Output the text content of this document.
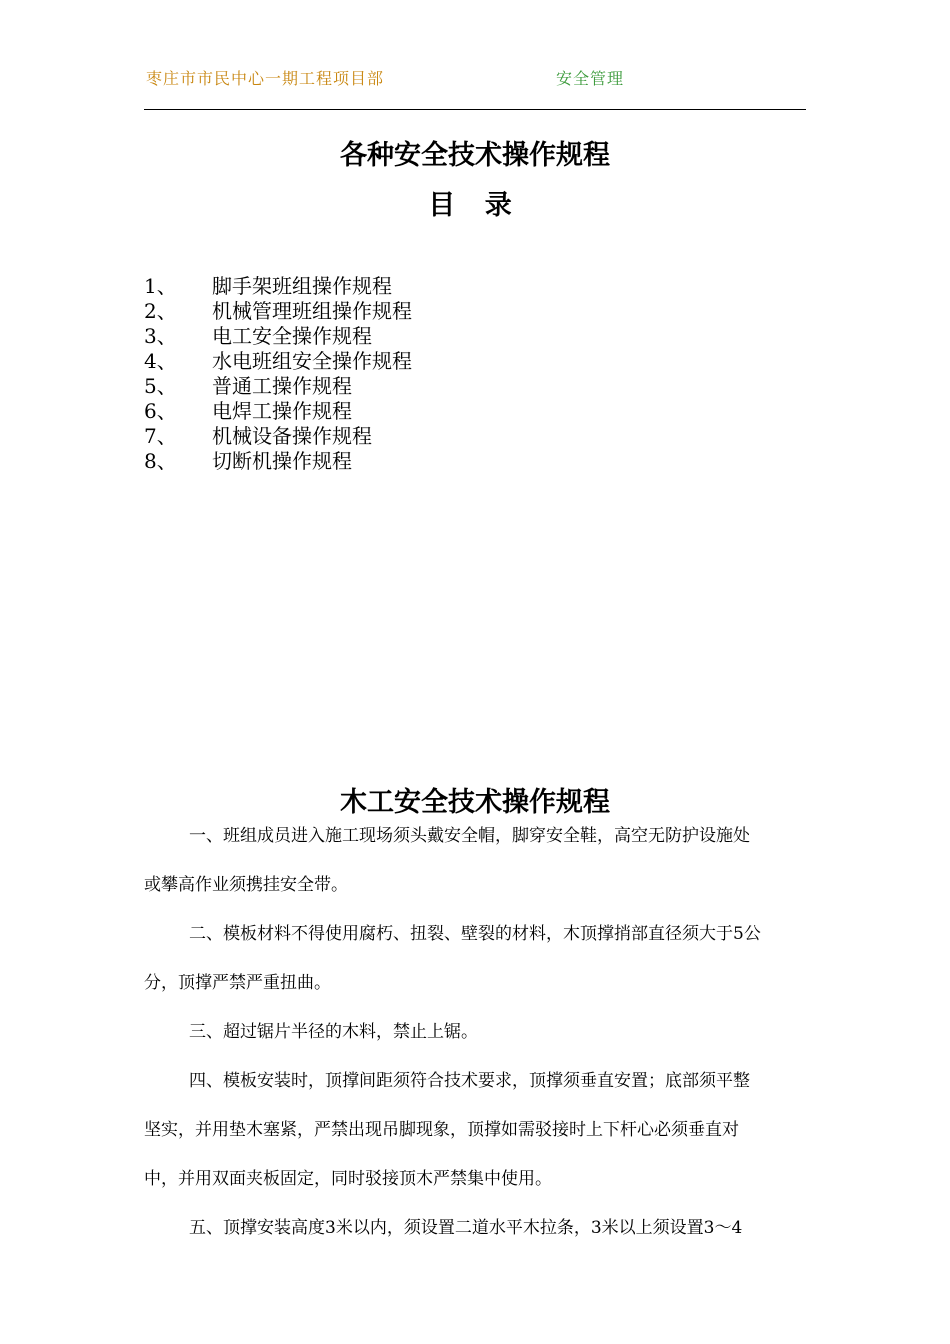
枣庄市市民中心一期工程项目部	安全管理
各种安全技术操作规程
目 录
1、 脚手架班组操作规程
2、 机械管理班组操作规程
3、 电工安全操作规程
4、 水电班组安全操作规程
5、 普通工操作规程
6、 电焊工操作规程
7、 机械设备操作规程
8、 切断机操作规程
木工安全技术操作规程
一、班组成员进入施工现场须头戴安全帽，脚穿安全鞋，高空无防护设施处
或攀高作业须携挂安全带。
二、模板材料不得使用腐朽、扭裂、壁裂的材料，木顶撑捎部直径须大于5公
分，顶撑严禁严重扭曲。
三、超过锯片半径的木料，禁止上锯。
四、模板安装时，顶撑间距须符合技术要求，顶撑须垂直安置；底部须平整
坚实，并用垫木塞紧，严禁出现吊脚现象，顶撑如需驳接时上下杆心必须垂直对
中，并用双面夹板固定，同时驳接顶木严禁集中使用。
五、顶撑安装高度3米以内，须设置二道水平木拉条，3米以上须设置3～4
